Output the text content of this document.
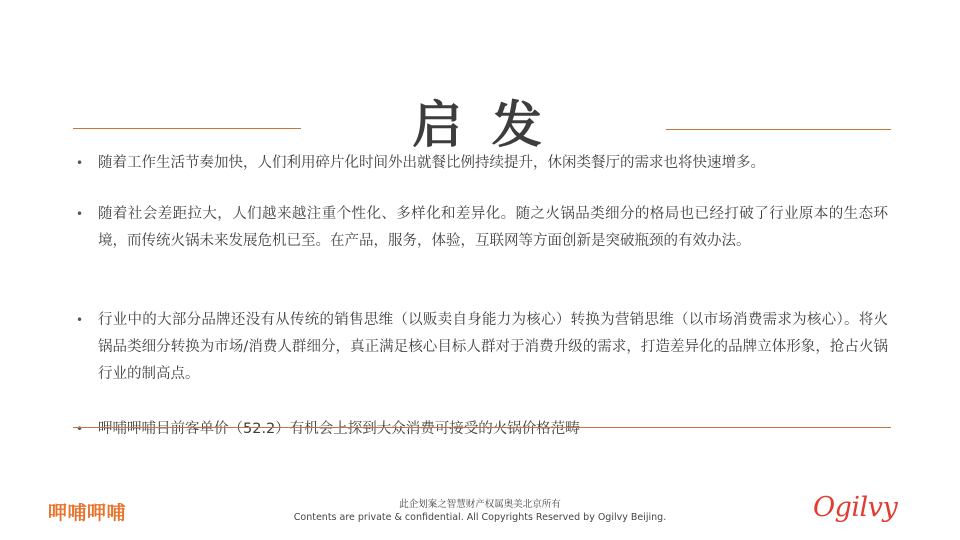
启 发
•	随着工作生活节奏加快，人们利用碎片化时间外出就餐比例持续提升，休闲类餐厅的需求也将快速增多。
•	随着社会差距拉大，人们越来越注重个性化、多样化和差异化。随之火锅品类细分的格局也已经打破了行业原本的生态环境，而传统火锅未来发展危机已至。在产品，服务，体验，互联网等方面创新是突破瓶颈的有效办法。
•	行业中的大部分品牌还没有从传统的销售思维（以贩卖自身能力为核心）转换为营销思维（以市场消费需求为核心）。将火锅品类细分转换为市场/消费人群细分，真正满足核心目标人群对于消费升级的需求，打造差异化的品牌立体形象，抢占火锅行业的制高点。
•	呷哺呷哺目前客单价（52.2）有机会上探到大众消费可接受的火锅价格范畴
呷哺呷哺	此企划案之智慧财产权属奥美北京所有
Contents are private & confidential. All Copyrights Reserved by Ogilvy Beijing.	Ogilvy
